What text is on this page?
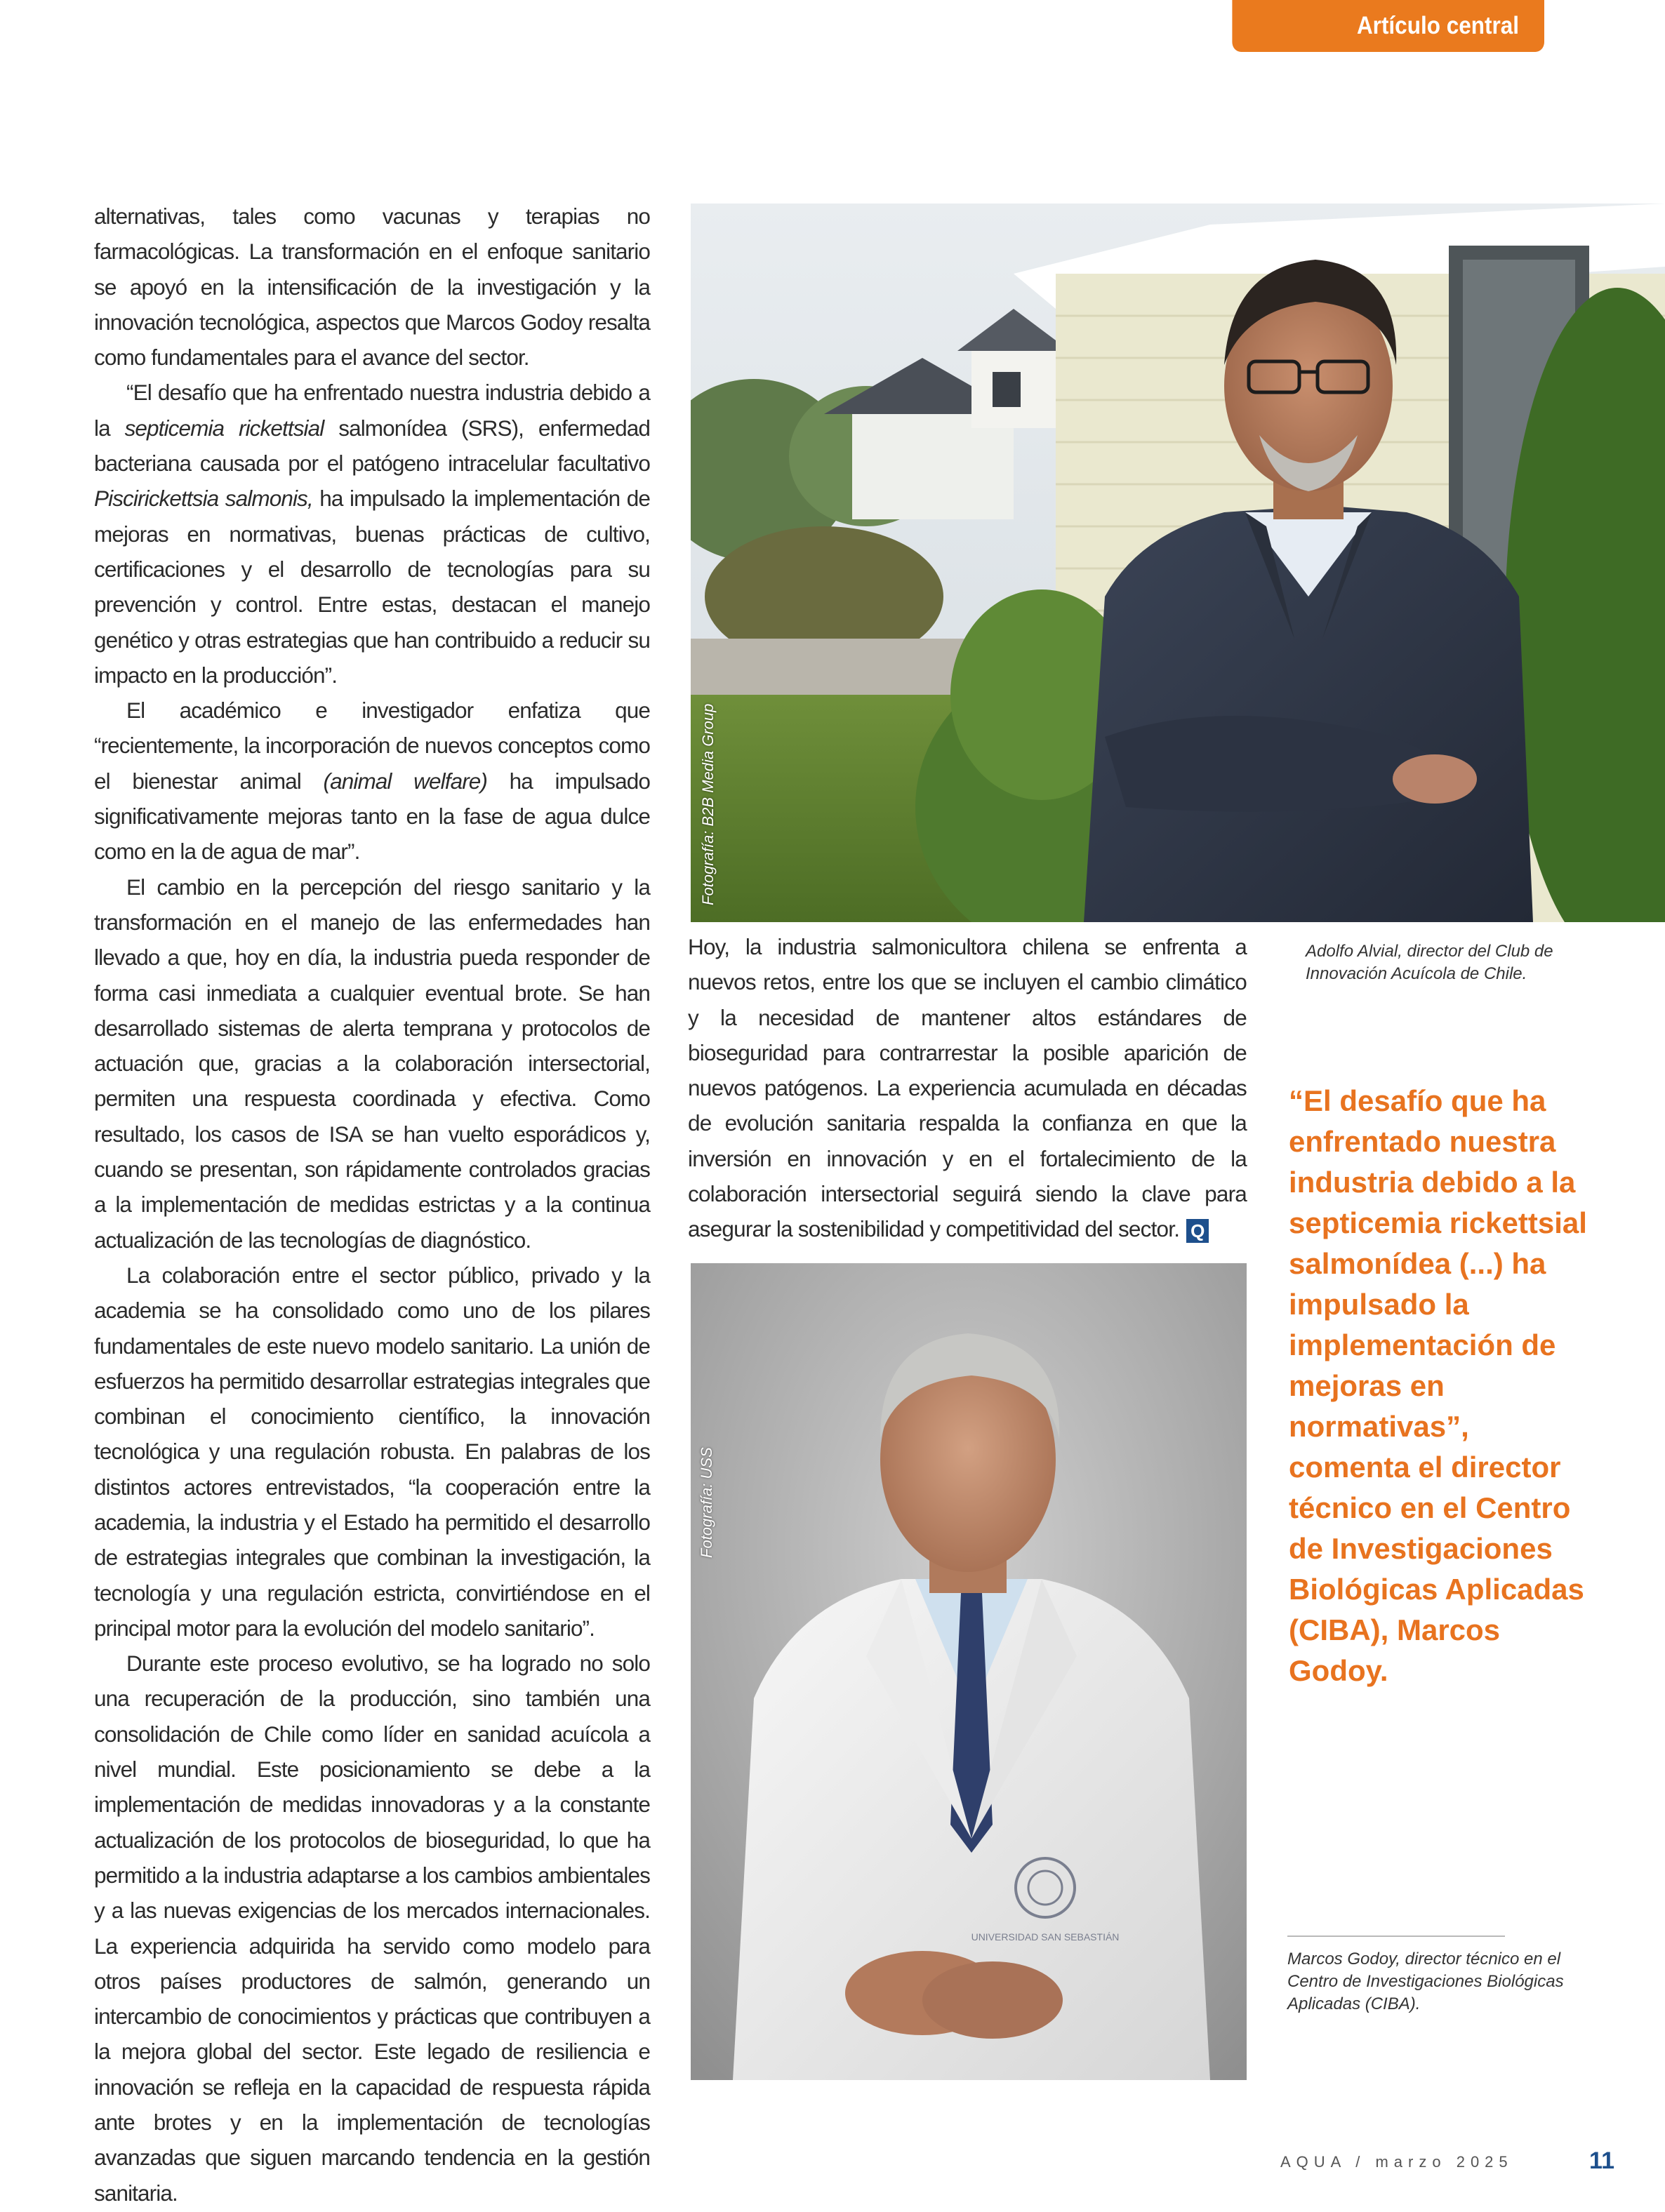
Artículo central

alternativas, tales como vacunas y terapias no farmacológicas. La transformación en el enfoque sanitario se apoyó en la intensificación de la investigación y la innovación tecnológica, aspectos que Marcos Godoy resalta como fundamentales para el avance del sector.

“El desafío que ha enfrentado nuestra industria debido a la septicemia rickettsial salmonídea (SRS), enfermedad bacteriana causada por el patógeno intracelular facultativo Piscirickettsia salmonis, ha impulsado la implementación de mejoras en normativas, buenas prácticas de cultivo, certificaciones y el desarrollo de tecnologías para su prevención y control. Entre estas, destacan el manejo genético y otras estrategias que han contribuido a reducir su impacto en la producción”.

El académico e investigador enfatiza que “recientemente, la incorporación de nuevos conceptos como el bienestar animal (animal welfare) ha impulsado significativamente mejoras tanto en la fase de agua dulce como en la de agua de mar”.

El cambio en la percepción del riesgo sanitario y la transformación en el manejo de las enfermedades han llevado a que, hoy en día, la industria pueda responder de forma casi inmediata a cualquier eventual brote. Se han desarrollado sistemas de alerta temprana y protocolos de actuación que, gracias a la colaboración intersectorial, permiten una respuesta coordinada y efectiva. Como resultado, los casos de ISA se han vuelto esporádicos y, cuando se presentan, son rápidamente controlados gracias a la implementación de medidas estrictas y a la continua actualización de las tecnologías de diagnóstico.

La colaboración entre el sector público, privado y la academia se ha consolidado como uno de los pilares fundamentales de este nuevo modelo sanitario. La unión de esfuerzos ha permitido desarrollar estrategias integrales que combinan el conocimiento científico, la innovación tecnológica y una regulación robusta. En palabras de los distintos actores entrevistados, “la cooperación entre la academia, la industria y el Estado ha permitido el desarrollo de estrategias integrales que combinan la investigación, la tecnología y una regulación estricta, convirtiéndose en el principal motor para la evolución del modelo sanitario”.

Durante este proceso evolutivo, se ha logrado no solo una recuperación de la producción, sino también una consolidación de Chile como líder en sanidad acuícola a nivel mundial. Este posicionamiento se debe a la implementación de medidas innovadoras y a la constante actualización de los protocolos de bioseguridad, lo que ha permitido a la industria adaptarse a los cambios ambientales y a las nuevas exigencias de los mercados internacionales. La experiencia adquirida ha servido como modelo para otros países productores de salmón, generando un intercambio de conocimientos y prácticas que contribuyen a la mejora global del sector. Este legado de resiliencia e innovación se refleja en la capacidad de respuesta rápida ante brotes y en la implementación de tecnologías avanzadas que siguen marcando tendencia en la gestión sanitaria.

Fotografía: B2B Media Group

Hoy, la industria salmonicultora chilena se enfrenta a nuevos retos, entre los que se incluyen el cambio climático y la necesidad de mantener altos estándares de bioseguridad para contrarrestar la posible aparición de nuevos patógenos. La experiencia acumulada en décadas de evolución sanitaria respalda la confianza en que la inversión en innovación y en el fortalecimiento de la colaboración intersectorial seguirá siendo la clave para asegurar la sostenibilidad y competitividad del sector. Q

Adolfo Alvial, director del Club de Innovación Acuícola de Chile.
“El desafío que ha enfrentado nuestra industria debido a la septicemia rickettsial salmonídea (...) ha impulsado la implementación de mejoras en normativas”, comenta el director técnico en el Centro de Investigaciones Biológicas Aplicadas (CIBA), Marcos Godoy.
UNIVERSIDAD SAN SEBASTIÁN
Fotografía: USS
Marcos Godoy, director técnico en el Centro de Investigaciones Biológicas Aplicadas (CIBA).
AQUA / marzo 2025	11
